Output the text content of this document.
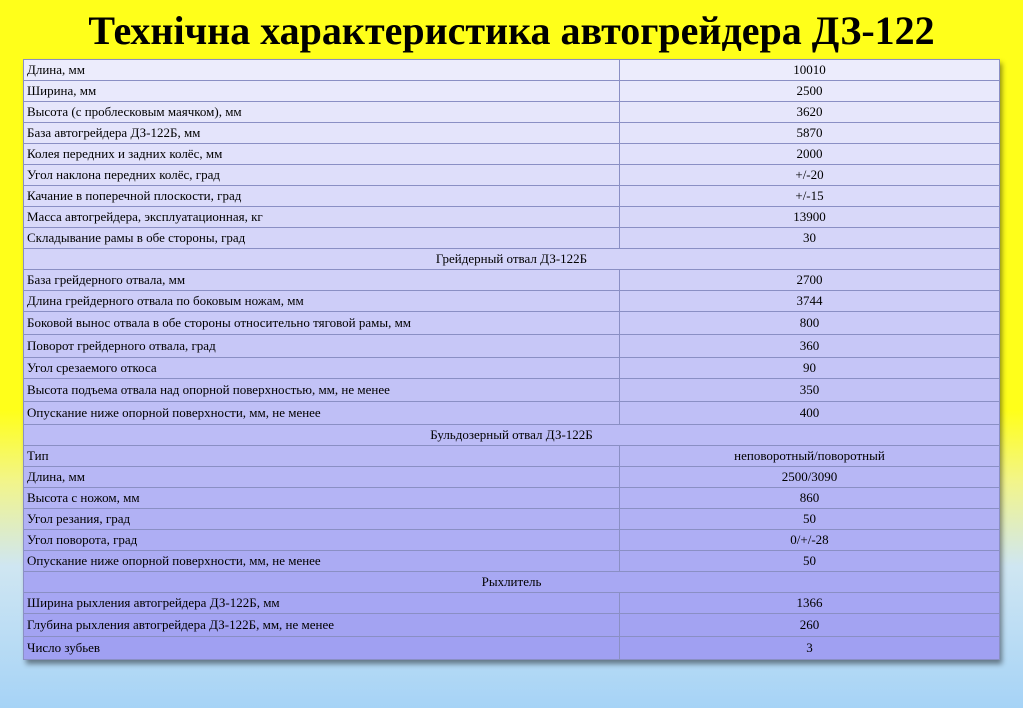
Технічна характеристика автогрейдера ДЗ-122
Длина, мм	10010
Ширина, мм	2500
Высота (с проблесковым маячком), мм	3620
База автогрейдера ДЗ-122Б, мм	5870
Колея передних и задних колёс, мм	2000
Угол наклона передних колёс, град	+/-20
Качание в поперечной плоскости, град	+/-15
Масса автогрейдера, эксплуатационная, кг	13900
Складывание рамы в обе стороны, град	30
Грейдерный отвал ДЗ-122Б	
База грейдерного отвала, мм	2700
Длина грейдерного отвала по боковым ножам, мм	3744
Боковой вынос отвала в обе стороны относительно тяговой рамы, мм	800
Поворот грейдерного отвала, град	360
Угол срезаемого откоса	90
Высота подъема отвала над опорной поверхностью, мм, не менее	350
Опускание ниже опорной поверхности, мм, не менее	400
Бульдозерный отвал ДЗ-122Б	
Тип	неповоротный/поворотный
Длина, мм	2500/3090
Высота с ножом, мм	860
Угол резания, град	50
Угол поворота, град	0/+/-28
Опускание ниже опорной поверхности, мм, не менее	50
Рыхлитель	
Ширина рыхления автогрейдера ДЗ-122Б, мм	1366
Глубина рыхления автогрейдера ДЗ-122Б, мм, не менее	260
Число зубьев	3
